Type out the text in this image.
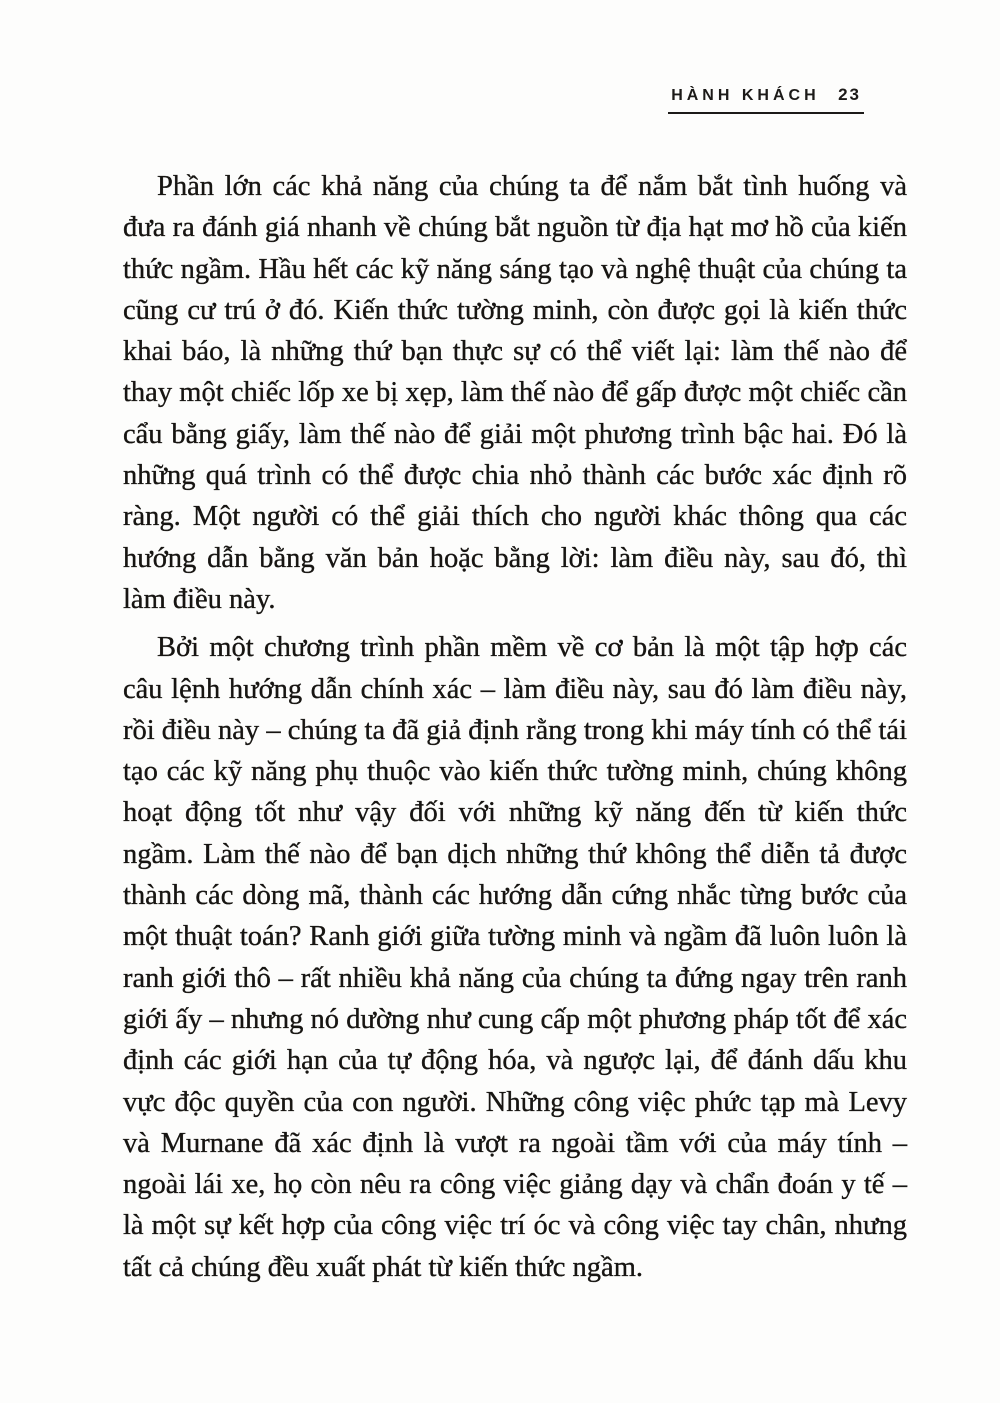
HÀNH KHÁCH 23

Phần lớn các khả năng của chúng ta để nắm bắt tình huống và đưa ra đánh giá nhanh về chúng bắt nguồn từ địa hạt mơ hồ của kiến thức ngầm. Hầu hết các kỹ năng sáng tạo và nghệ thuật của chúng ta cũng cư trú ở đó. Kiến thức tường minh, còn được gọi là kiến thức khai báo, là những thứ bạn thực sự có thể viết lại: làm thế nào để thay một chiếc lốp xe bị xẹp, làm thế nào để gấp được một chiếc cần cẩu bằng giấy, làm thế nào để giải một phương trình bậc hai. Đó là những quá trình có thể được chia nhỏ thành các bước xác định rõ ràng. Một người có thể giải thích cho người khác thông qua các hướng dẫn bằng văn bản hoặc bằng lời: làm điều này, sau đó, thì làm điều này.

Bởi một chương trình phần mềm về cơ bản là một tập hợp các câu lệnh hướng dẫn chính xác – làm điều này, sau đó làm điều này, rồi điều này – chúng ta đã giả định rằng trong khi máy tính có thể tái tạo các kỹ năng phụ thuộc vào kiến thức tường minh, chúng không hoạt động tốt như vậy đối với những kỹ năng đến từ kiến thức ngầm. Làm thế nào để bạn dịch những thứ không thể diễn tả được thành các dòng mã, thành các hướng dẫn cứng nhắc từng bước của một thuật toán? Ranh giới giữa tường minh và ngầm đã luôn luôn là ranh giới thô – rất nhiều khả năng của chúng ta đứng ngay trên ranh giới ấy – nhưng nó dường như cung cấp một phương pháp tốt để xác định các giới hạn của tự động hóa, và ngược lại, để đánh dấu khu vực độc quyền của con người. Những công việc phức tạp mà Levy và Murnane đã xác định là vượt ra ngoài tầm với của máy tính – ngoài lái xe, họ còn nêu ra công việc giảng dạy và chẩn đoán y tế – là một sự kết hợp của công việc trí óc và công việc tay chân, nhưng tất cả chúng đều xuất phát từ kiến thức ngầm.
